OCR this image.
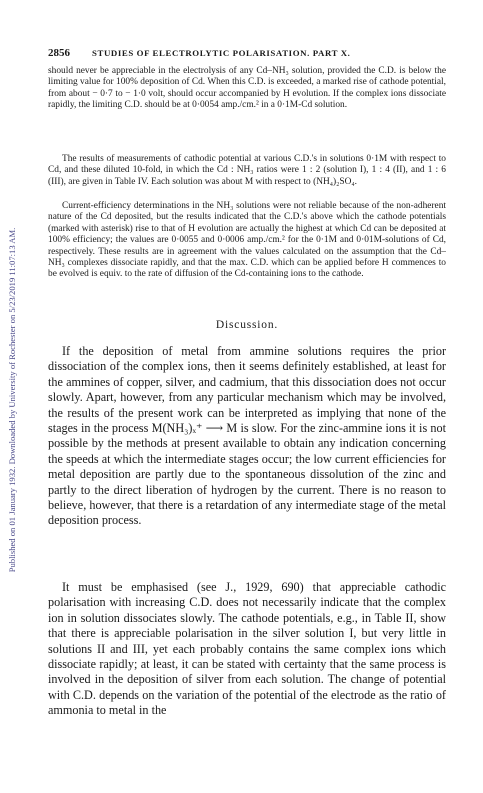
Published on 01 January 1932. Downloaded by University of Rochester on 5/23/2019 11:07:13 AM.
2856	STUDIES OF ELECTROLYTIC POLARISATION. PART X.

should never be appreciable in the electrolysis of any Cd–NH₃ solution, provided the C.D. is below the limiting value for 100% deposition of Cd. When this C.D. is exceeded, a marked rise of cathode potential, from about − 0·7 to − 1·0 volt, should occur accompanied by H evolution. If the complex ions dissociate rapidly, the limiting C.D. should be at 0·0054 amp./cm.² in a 0·1M-Cd solution.

The results of measurements of cathodic potential at various C.D.'s in solutions 0·1M with respect to Cd, and these diluted 10-fold, in which the Cd : NH₃ ratios were 1 : 2 (solution I), 1 : 4 (II), and 1 : 6 (III), are given in Table IV. Each solution was about M with respect to (NH₄)₂SO₄.

Current-efficiency determinations in the NH₃ solutions were not reliable because of the non-adherent nature of the Cd deposited, but the results indicated that the C.D.'s above which the cathode potentials (marked with asterisk) rise to that of H evolution are actually the highest at which Cd can be deposited at 100% efficiency; the values are 0·0055 and 0·0006 amp./cm.² for the 0·1M and 0·01M-solutions of Cd, respectively. These results are in agreement with the values calculated on the assumption that the Cd–NH₃ complexes dissociate rapidly, and that the max. C.D. which can be applied before H commences to be evolved is equiv. to the rate of diffusion of the Cd-containing ions to the cathode.

Discussion.

If the deposition of metal from ammine solutions requires the prior dissociation of the complex ions, then it seems definitely established, at least for the ammines of copper, silver, and cadmium, that this dissociation does not occur slowly. Apart, however, from any particular mechanism which may be involved, the results of the present work can be interpreted as implying that none of the stages in the process M(NH₃)ₓ⁺ ⟶ M is slow. For the zinc-ammine ions it is not possible by the methods at present available to obtain any indication concerning the speeds at which the intermediate stages occur; the low current efficiencies for metal deposition are partly due to the spontaneous dissolution of the zinc and partly to the direct liberation of hydrogen by the current. There is no reason to believe, however, that there is a retardation of any intermediate stage of the metal deposition process.

It must be emphasised (see J., 1929, 690) that appreciable cathodic polarisation with increasing C.D. does not necessarily indicate that the complex ion in solution dissociates slowly. The cathode potentials, e.g., in Table II, show that there is appreciable polarisation in the silver solution I, but very little in solutions II and III, yet each probably contains the same complex ions which dissociate rapidly; at least, it can be stated with certainty that the same process is involved in the deposition of silver from each solution. The change of potential with C.D. depends on the variation of the potential of the electrode as the ratio of ammonia to metal in the
